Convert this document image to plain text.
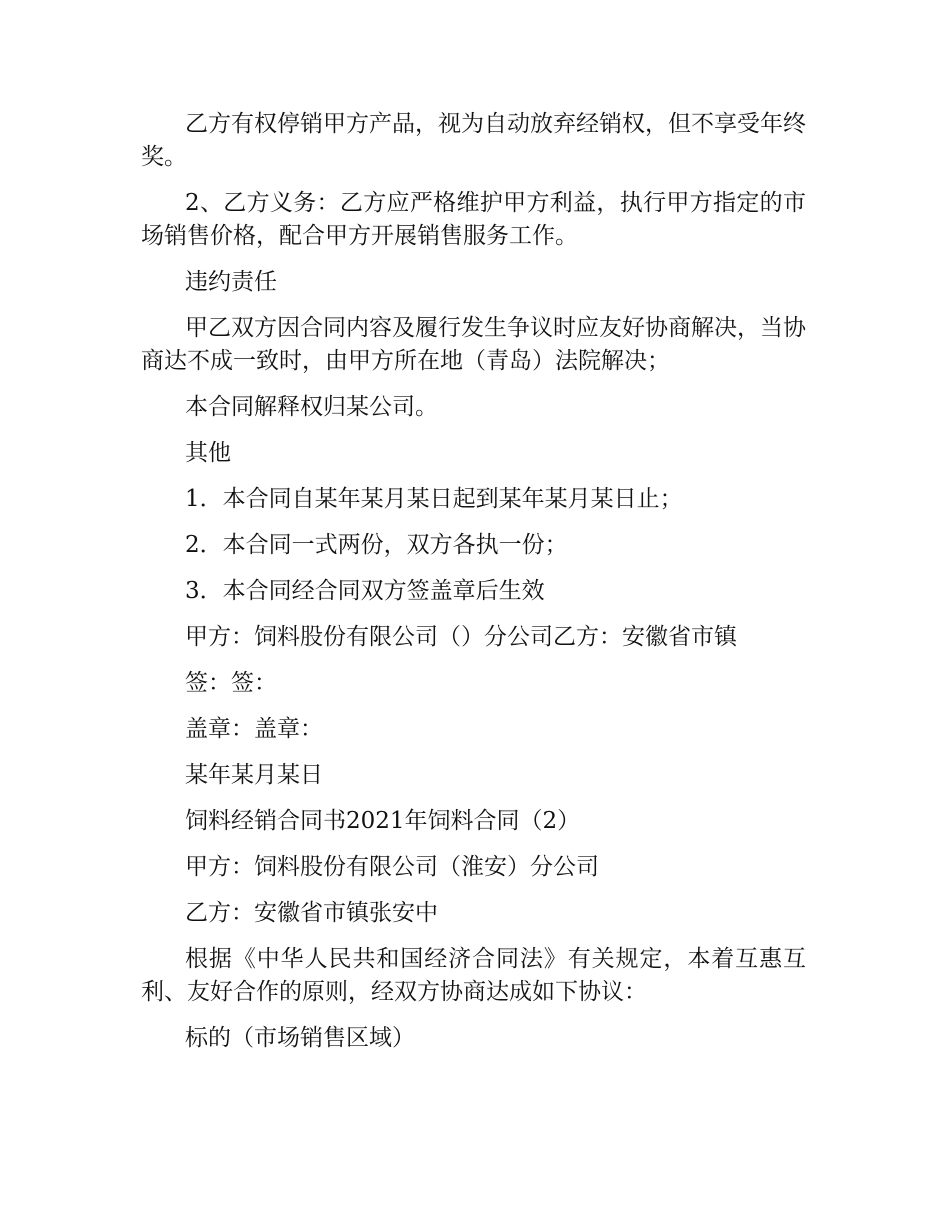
乙方有权停销甲方产品，视为自动放弃经销权，但不享受年终奖。

2、乙方义务：乙方应严格维护甲方利益，执行甲方指定的市场销售价格，配合甲方开展销售服务工作。

违约责任

甲乙双方因合同内容及履行发生争议时应友好协商解决，当协商达不成一致时，由甲方所在地（青岛）法院解决；

本合同解释权归某公司。

其他

1．本合同自某年某月某日起到某年某月某日止；

2．本合同一式两份，双方各执一份；

3．本合同经合同双方签盖章后生效

甲方：饲料股份有限公司（）分公司乙方：安徽省市镇

签：签：

盖章：盖章：

某年某月某日

饲料经销合同书2021年饲料合同（2）

甲方：饲料股份有限公司（淮安）分公司

乙方：安徽省市镇张安中

根据《中华人民共和国经济合同法》有关规定，本着互惠互利、友好合作的原则，经双方协商达成如下协议：

标的（市场销售区域）
